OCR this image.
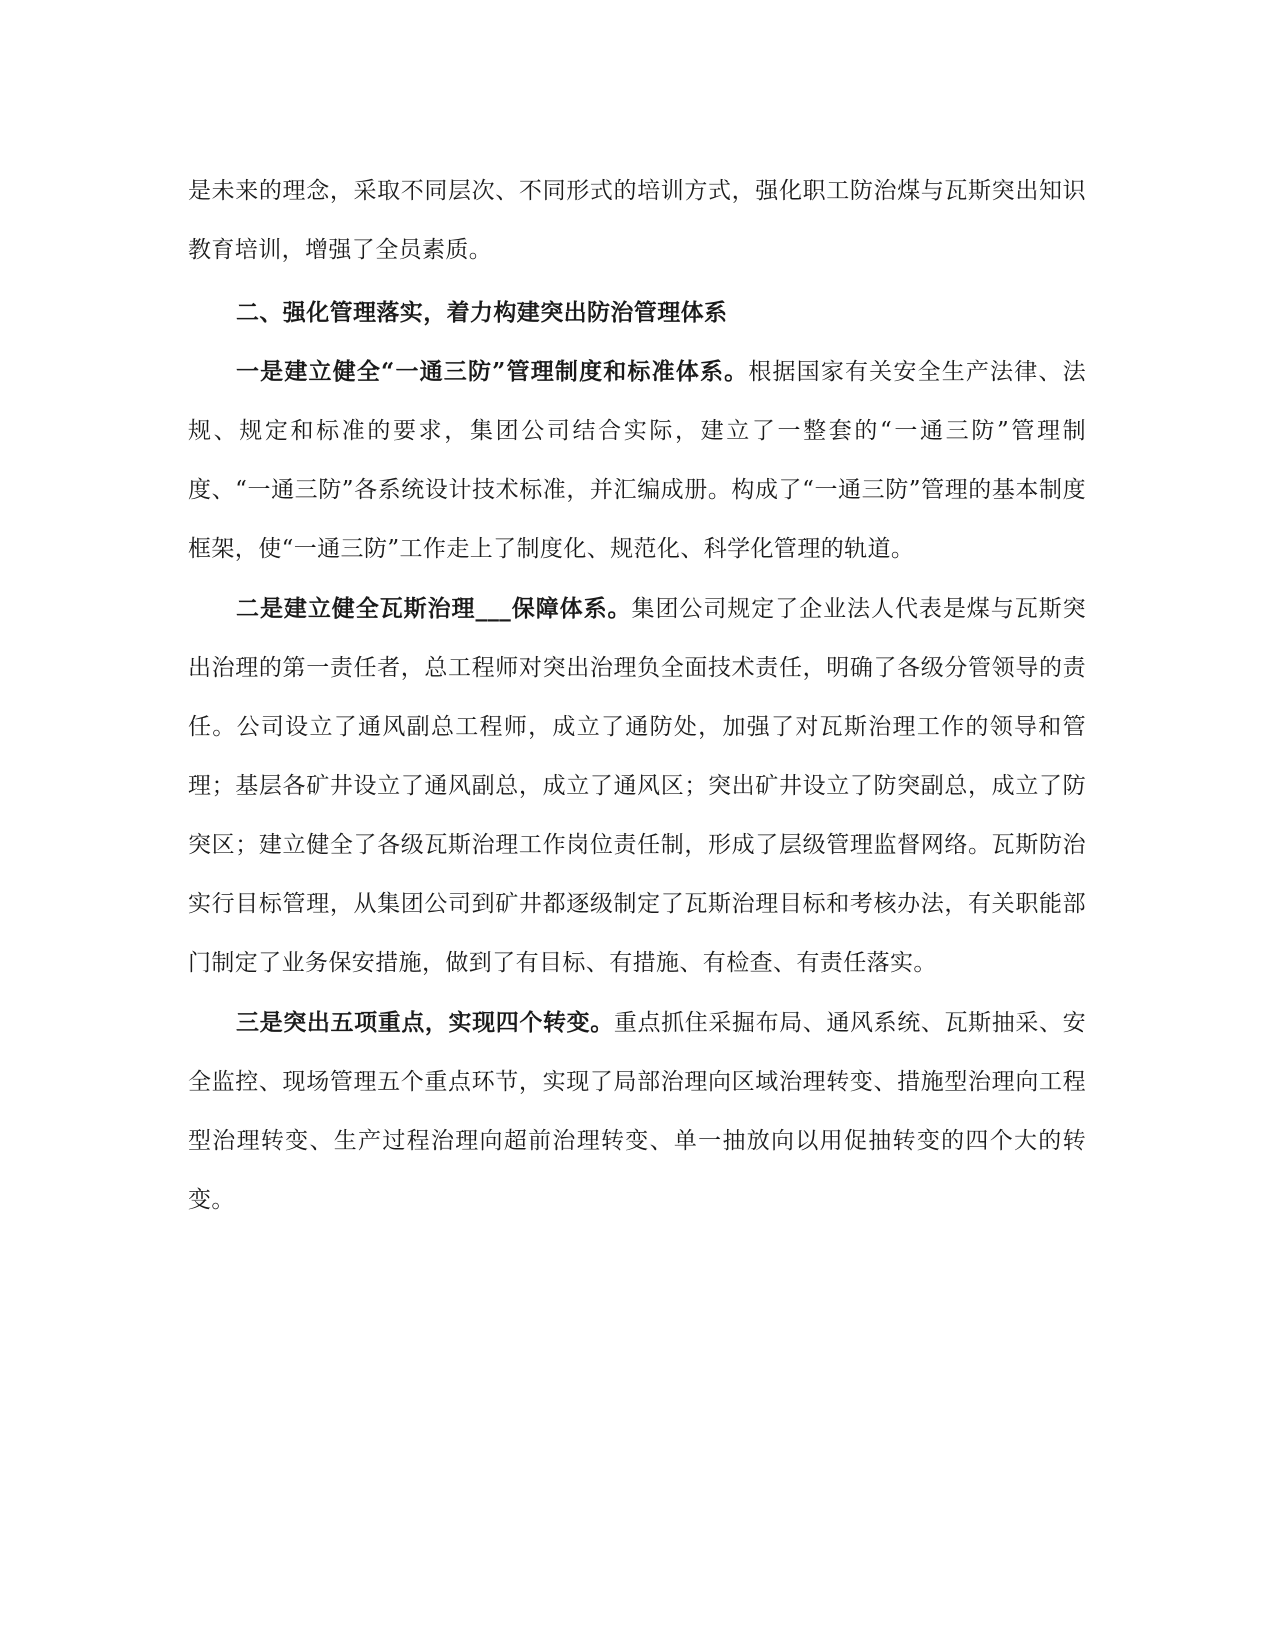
是未来的理念，采取不同层次、不同形式的培训方式，强化职工防治煤与瓦斯突出知识教育培训，增强了全员素质。

二、强化管理落实，着力构建突出防治管理体系

一是建立健全“一通三防”管理制度和标准体系。根据国家有关安全生产法律、法规、规定和标准的要求，集团公司结合实际，建立了一整套的“一通三防”管理制度、“一通三防”各系统设计技术标准，并汇编成册。构成了“一通三防”管理的基本制度框架，使“一通三防”工作走上了制度化、规范化、科学化管理的轨道。

二是建立健全瓦斯治理___保障体系。集团公司规定了企业法人代表是煤与瓦斯突出治理的第一责任者，总工程师对突出治理负全面技术责任，明确了各级分管领导的责任。公司设立了通风副总工程师，成立了通防处，加强了对瓦斯治理工作的领导和管理；基层各矿井设立了通风副总，成立了通风区；突出矿井设立了防突副总，成立了防突区；建立健全了各级瓦斯治理工作岗位责任制，形成了层级管理监督网络。瓦斯防治实行目标管理，从集团公司到矿井都逐级制定了瓦斯治理目标和考核办法，有关职能部门制定了业务保安措施，做到了有目标、有措施、有检查、有责任落实。

三是突出五项重点，实现四个转变。重点抓住采掘布局、通风系统、瓦斯抽采、安全监控、现场管理五个重点环节，实现了局部治理向区域治理转变、措施型治理向工程型治理转变、生产过程治理向超前治理转变、单一抽放向以用促抽转变的四个大的转变。
